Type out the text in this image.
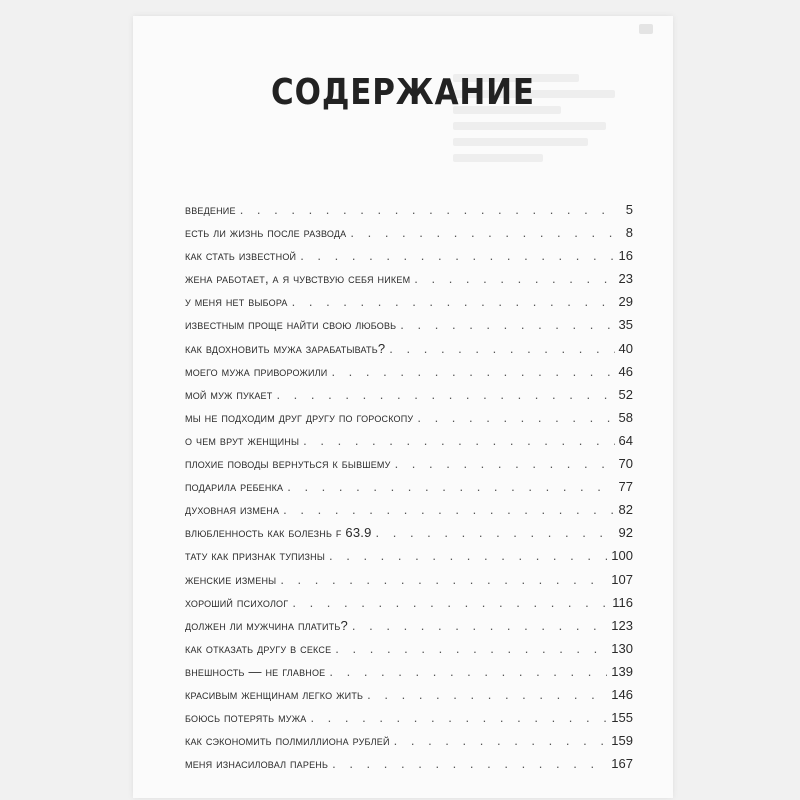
СОДЕРЖАНИЕ
введение . . .	5
есть ли жизнь после развода . . .	8
как стать известной . . .	16
жена работает, а я чувствую себя никем . . .	23
у меня нет выбора . . .	29
известным проще найти свою любовь . . .	35
как вдохновить мужа зарабатывать? . . .	40
моего мужа приворожили . . .	46
мой муж пукает . . .	52
мы не подходим друг другу по гороскопу . . .	58
о чем врут женщины . . .	64
плохие поводы вернуться к бывшему . . .	70
подарила ребенка . . .	77
духовная измена . . .	82
влюбленность как болезнь f 63.9 . . .	92
тату как признак тупизны . . .	100
женские измены . . .	107
хороший психолог . . .	116
должен ли мужчина платить? . . .	123
как отказать другу в сексе . . .	130
внешность — не главное . . .	139
красивым женщинам легко жить . . .	146
боюсь потерять мужа . . .	155
как сэкономить полмиллиона рублей . . .	159
меня изнасиловал парень . . .	167
